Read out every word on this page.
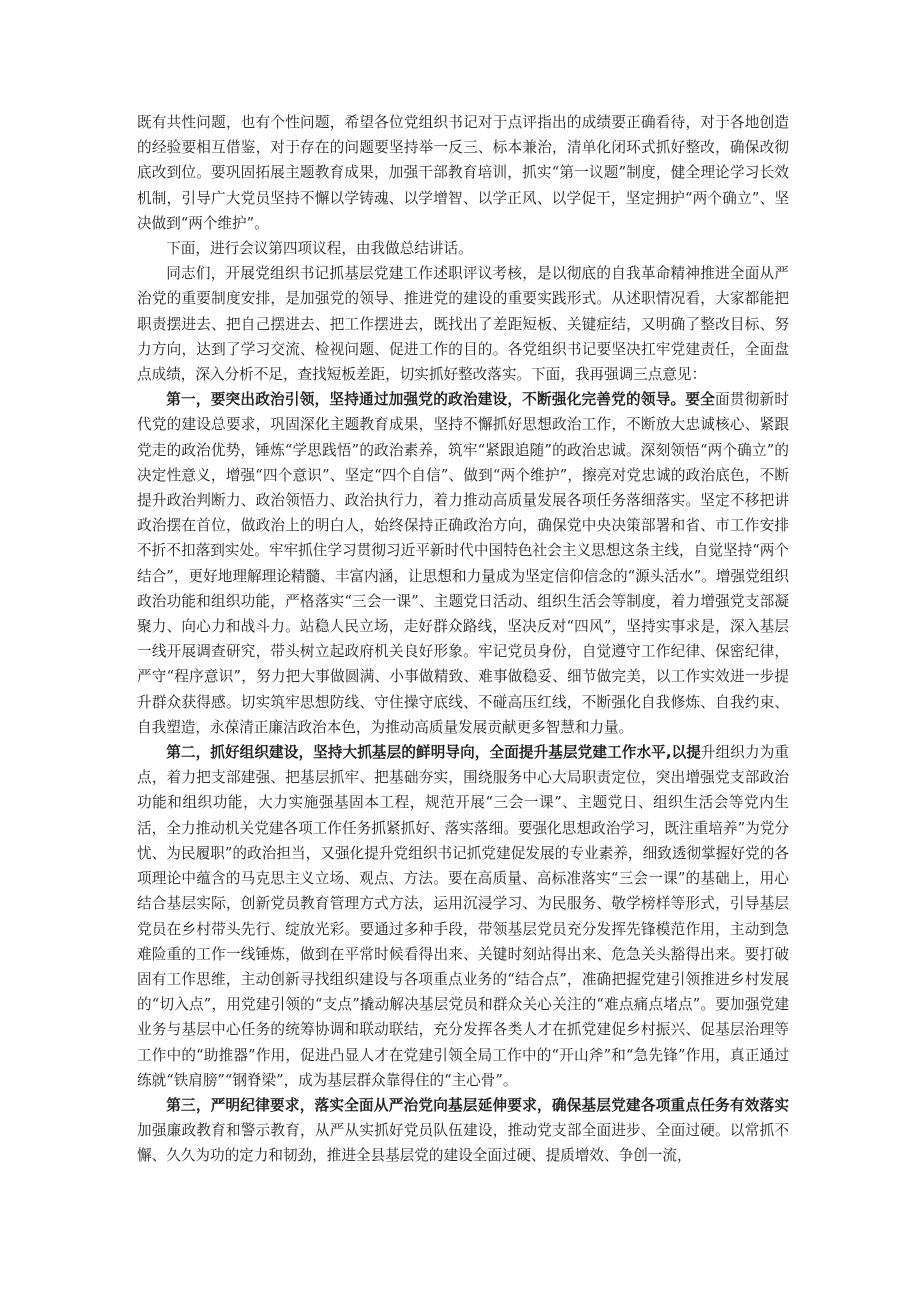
既有共性问题，也有个性问题，希望各位党组织书记对于点评指出的成绩要正确看待，对于各地创造的经验要相互借鉴，对于存在的问题要坚持举一反三、标本兼治，清单化闭环式抓好整改，确保改彻底改到位。要巩固拓展主题教育成果，加强干部教育培训，抓实“第一议题”制度，健全理论学习长效机制，引导广大党员坚持不懈以学铸魂、以学增智、以学正风、以学促干，坚定拥护“两个确立”、坚决做到“两个维护”。

下面，进行会议第四项议程，由我做总结讲话。

同志们，开展党组织书记抓基层党建工作述职评议考核，是以彻底的自我革命精神推进全面从严治党的重要制度安排，是加强党的领导、推进党的建设的重要实践形式。从述职情况看，大家都能把职责摆进去、把自己摆进去、把工作摆进去，既找出了差距短板、关键症结，又明确了整改目标、努力方向，达到了学习交流、检视问题、促进工作的目的。各党组织书记要坚决扛牢党建责任，全面盘点成绩，深入分析不足，查找短板差距，切实抓好整改落实。下面，我再强调三点意见：

第一，要突出政治引领，坚持通过加强党的政治建设，不断强化完善党的领导。要全面贯彻新时代党的建设总要求，巩固深化主题教育成果，坚持不懈抓好思想政治工作，不断放大忠诚核心、紧跟党走的政治优势，锤炼“学思践悟”的政治素养，筑牢“紧跟追随”的政治忠诚。深刻领悟“两个确立”的决定性意义，增强“四个意识”、坚定“四个自信”、做到“两个维护”，擦亮对党忠诚的政治底色，不断提升政治判断力、政治领悟力、政治执行力，着力推动高质量发展各项任务落细落实。坚定不移把讲政治摆在首位，做政治上的明白人，始终保持正确政治方向，确保党中央决策部署和省、市工作安排不折不扣落到实处。牢牢抓住学习贯彻习近平新时代中国特色社会主义思想这条主线，自觉坚持“两个结合”，更好地理解理论精髓、丰富内涵，让思想和力量成为坚定信仰信念的“源头活水”。增强党组织政治功能和组织功能，严格落实“三会一课”、主题党日活动、组织生活会等制度，着力增强党支部凝聚力、向心力和战斗力。站稳人民立场，走好群众路线，坚决反对“四风”，坚持实事求是，深入基层一线开展调查研究，带头树立起政府机关良好形象。牢记党员身份，自觉遵守工作纪律、保密纪律，严守“程序意识”，努力把大事做圆满、小事做精致、难事做稳妥、细节做完美，以工作实效进一步提升群众获得感。切实筑牢思想防线、守住操守底线、不碰高压红线，不断强化自我修炼、自我约束、自我塑造，永葆清正廉洁政治本色，为推动高质量发展贡献更多智慧和力量。

第二，抓好组织建设，坚持大抓基层的鲜明导向，全面提升基层党建工作水平,以提升组织力为重点，着力把支部建强、把基层抓牢、把基础夯实，围绕服务中心大局职责定位，突出增强党支部政治功能和组织功能，大力实施强基固本工程，规范开展“三会一课”、主题党日、组织生活会等党内生活，全力推动机关党建各项工作任务抓紧抓好、落实落细。要强化思想政治学习，既注重培养”为党分忧、为民履职”的政治担当，又强化提升党组织书记抓党建促发展的专业素养，细致透彻掌握好党的各项理论中蕴含的马克思主义立场、观点、方法。要在高质量、高标准落实“三会一课”的基础上，用心结合基层实际，创新党员教育管理方式方法，运用沉浸学习、为民服务、敬学榜样等形式，引导基层党员在乡村带头先行、绽放光彩。要通过多种手段，带领基层党员充分发挥先锋模范作用，主动到急难险重的工作一线锤炼，做到在平常时候看得出来、关键时刻站得出来、危急关头豁得出来。要打破固有工作思维，主动创新寻找组织建设与各项重点业务的“结合点”，准确把握党建引领推进乡村发展的“切入点”，用党建引领的“支点”撬动解决基层党员和群众关心关注的“难点痛点堵点”。要加强党建业务与基层中心任务的统筹协调和联动联结，充分发挥各类人才在抓党建促乡村振兴、促基层治理等工作中的“助推器”作用，促进凸显人才在党建引领全局工作中的“开山斧”和“急先锋”作用，真正通过练就“铁肩膀”“钢脊梁”，成为基层群众靠得住的“主心骨”。

第三，严明纪律要求，落实全面从严治党向基层延伸要求，确保基层党建各项重点任务有效落实加强廉政教育和警示教育，从严从实抓好党员队伍建设，推动党支部全面进步、全面过硬。以常抓不懈、久久为功的定力和韧劲，推进全县基层党的建设全面过硬、提质增效、争创一流，
